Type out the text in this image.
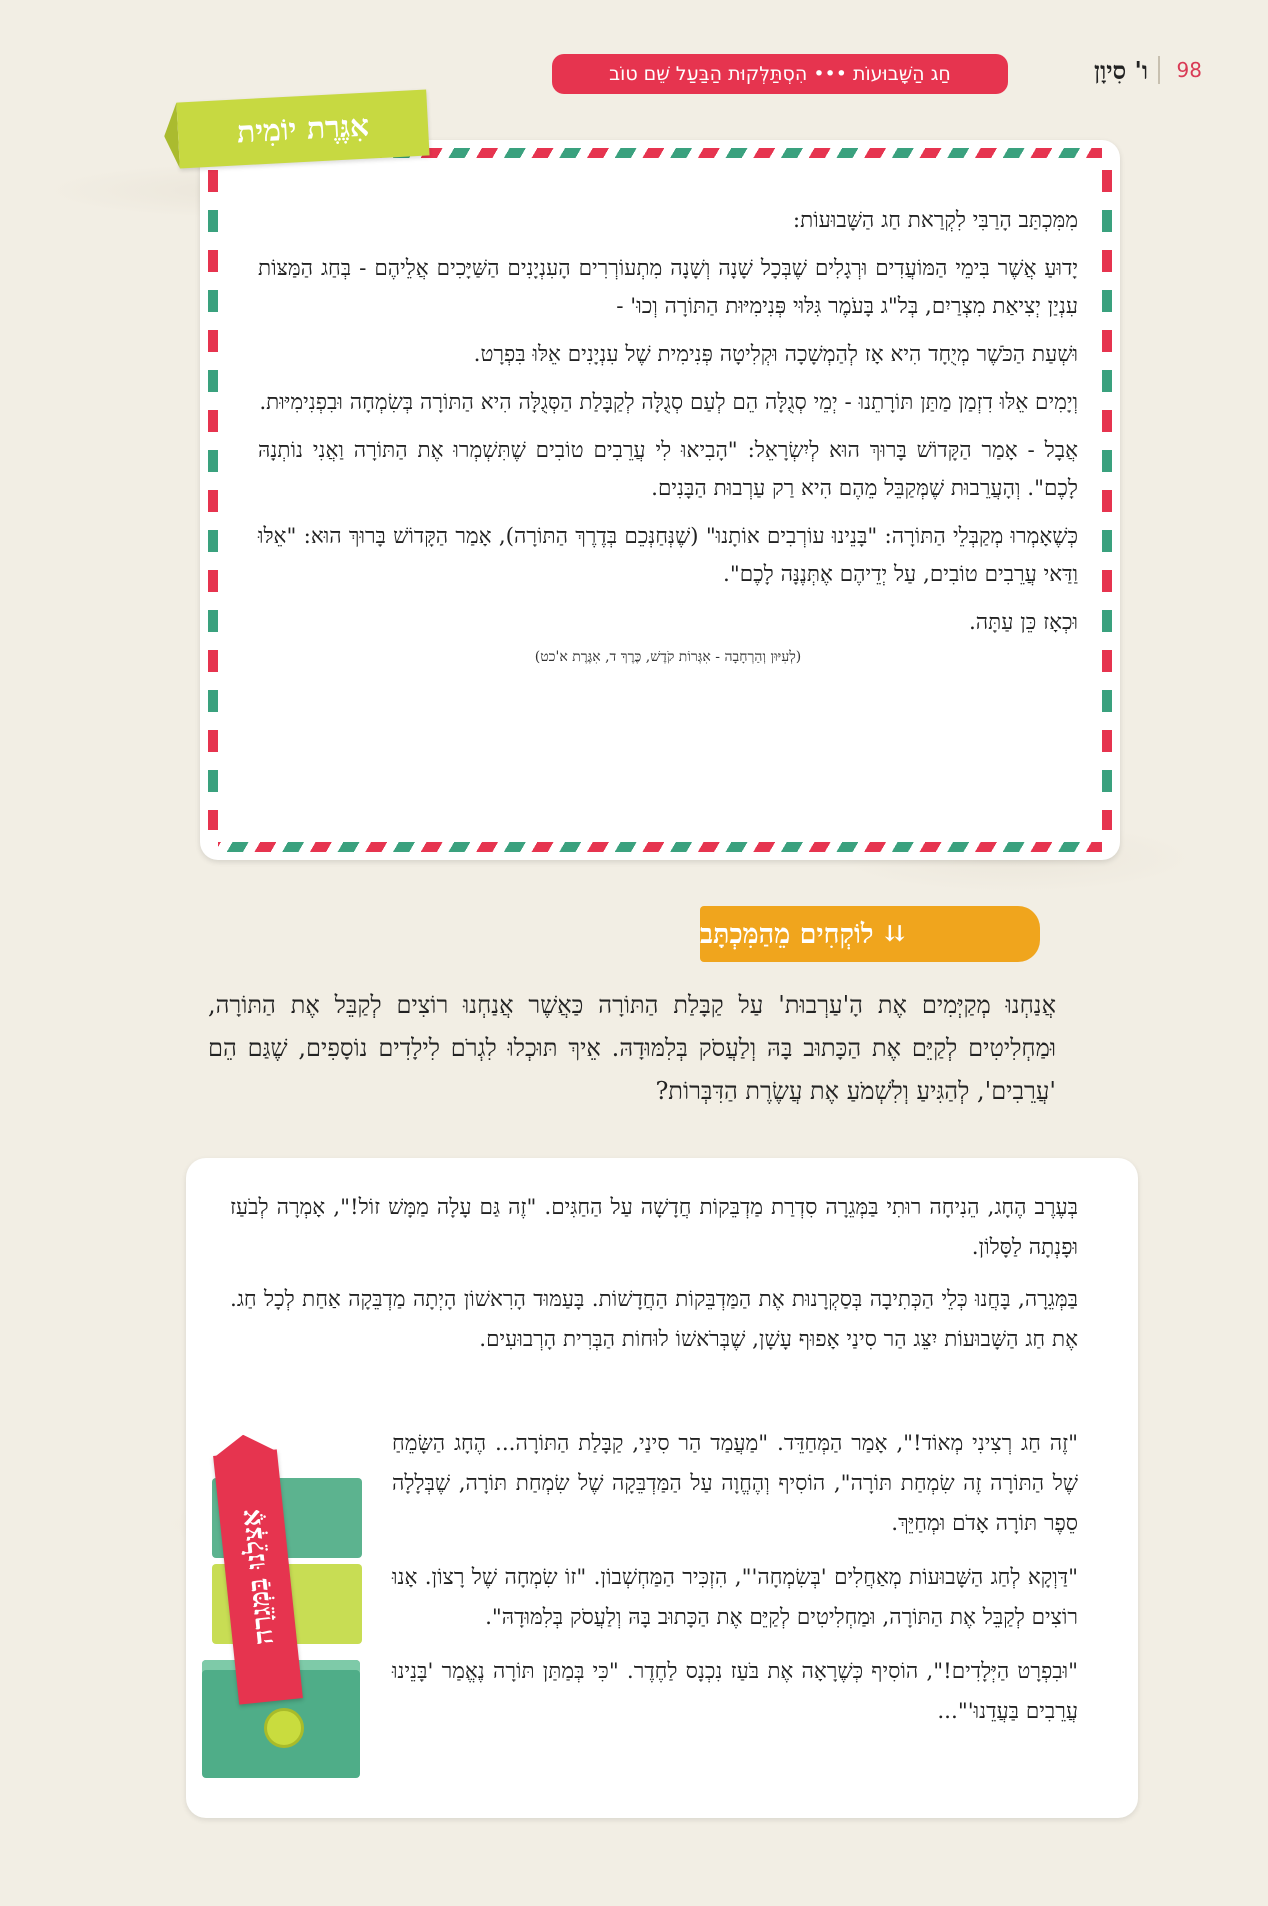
98
ו' סִיוָן
חַג הַשָּׁבוּעוֹת ••• הִסְתַּלְּקוּת הַבַּעַל שֵׁם טוֹב
אִגֶּרֶת יוֹמִית

מִמִּכְתַּב הָרַבִּי לִקְרַאת חַג הַשָּׁבוּעוֹת:

יָדוּעַ אֲשֶׁר בִּימֵי הַמּוֹעֲדִים וּרְגָלִים שֶׁבְּכָל שָׁנָה וְשָׁנָה מִתְעוֹרְרִים הָעִנְיָנִים הַשַּׁיָּכִים אֲלֵיהֶם - בְּחַג הַמַּצּוֹת עִנְיַן יְצִיאַת מִצְרַיִם, בְּל"ג בָּעֹמֶר גִּלּוּי פְּנִימִיּוּת הַתּוֹרָה וְכוּ' -

וּשְׁעַת הַכֹּשֶׁר מְיֻחָד הִיא אָז לְהַמְשָׁכָה וּקְלִיטָה פְּנִימִית שֶׁל עִנְיָנִים אֵלּוּ בִּפְרָט.

וְיָמִים אֵלּוּ דִזְמַן מַתַּן תּוֹרָתֵנוּ - יְמֵי סְגֻלָּה הֵם לְעַם סְגֻלָּה לְקַבָּלַת הַסְּגֻלָּה הִיא הַתּוֹרָה בְּשִׂמְחָה וּבִפְנִימִיּוּת.

אֲבָל - אָמַר הַקָּדוֹשׁ בָּרוּךְ הוּא לְיִשְׂרָאֵל: "הָבִיאוּ לִי עֲרֵבִים טוֹבִים שֶׁתִּשְׁמְרוּ אֶת הַתּוֹרָה וַאֲנִי נוֹתְנָהּ לָכֶם". וְהָעֲרֵבוּת שֶׁמְּקַבֵּל מֵהֶם הִיא רַק עַרְבוּת הַבָּנִים.

כְּשֶׁאָמְרוּ מְקַבְּלֵי הַתּוֹרָה: "בָּנֵינוּ עוֹרְבִים אוֹתָנוּ" (שֶׁנְּחַנְּכֵם בְּדֶרֶךְ הַתּוֹרָה), אָמַר הַקָּדוֹשׁ בָּרוּךְ הוּא: "אֵלּוּ וַדַּאי עֲרֵבִים טוֹבִים, עַל יְדֵיהֶם אֶתְּנֶנָּה לָכֶם".

וּכְאָז כֵּן עַתָּה.

(לְעִיּוּן וְהַרְחָבָה - אִגְּרוֹת קֹדֶשׁ, כֶּרֶךְ ד, אִגֶּרֶת א'כט)
⇊
לוֹקְחִים מֵהַמִּכְתָּב
אֲנַחְנוּ מְקַיְּמִים אֶת הָ'עַרְבוּת' עַל קַבָּלַת הַתּוֹרָה כַּאֲשֶׁר אֲנַחְנוּ רוֹצִים לְקַבֵּל אֶת הַתּוֹרָה, וּמַחְלִיטִים לְקַיֵּם אֶת הַכָּתוּב בָּהּ וְלַעֲסֹק בְּלִמּוּדָהּ. אֵיךְ תּוּכְלוּ לִגְרֹם לִילָדִים נוֹסָפִים, שֶׁגַּם הֵם 'עֲרֵבִים', לְהַגִּיעַ וְלִשְׁמֹעַ אֶת עֲשֶׂרֶת הַדִּבְּרוֹת?

בְּעֶרֶב הֶחָג, הֵנִיחָה רוּתִי בַּמְּגֵרָה סִדְרַת מַדְבֵּקוֹת חֲדָשָׁה עַל הַחַגִּים. "זֶה גַּם עָלָה מַמָּשׁ זוֹל!", אָמְרָה לְבֹעַז וּפָנְתָה לַסָּלוֹן.

בַּמְּגֵרָה, בָּחֲנוּ כְּלֵי הַכְּתִיבָה בְּסַקְרָנוּת אֶת הַמַּדְבֵּקוֹת הַחֲדָשׁוֹת. בָּעַמּוּד הָרִאשׁוֹן הָיְתָה מַדְבֵּקָה אַחַת לְכָל חַג. אֶת חַג הַשָּׁבוּעוֹת יִצֵּג הַר סִינַי אָפוּף עָשָׁן, שֶׁבְּרֹאשׁוֹ לוּחוֹת הַבְּרִית הָרְבוּעִים.

"זֶה חַג רְצִינִי מְאוֹד!", אָמַר הַמְּחַדֵּד. "מַעֲמַד הַר סִינַי, קַבָּלַת הַתּוֹרָה... הֶחָג הַשָּׂמֵחַ שֶׁל הַתּוֹרָה זֶה שִׂמְחַת תּוֹרָה", הוֹסִיף וְהֶחֱוָה עַל הַמַּדְבֵּקָה שֶׁל שִׂמְחַת תּוֹרָה, שֶׁבְּלָלָה סֵפֶר תּוֹרָה אָדֹם וּמְחַיֵּךְ.

"דַּוְקָא לְחַג הַשָּׁבוּעוֹת מְאַחֲלִים 'בְּשִׂמְחָה'", הִזְכִּיר הַמַּחְשְׁבוֹן. "זוֹ שִׂמְחָה שֶׁל רָצוֹן. אָנוּ רוֹצִים לְקַבֵּל אֶת הַתּוֹרָה, וּמַחְלִיטִים לְקַיֵּם אֶת הַכָּתוּב בָּהּ וְלַעֲסֹק בְּלִמּוּדָהּ".

"וּבִפְרָט הַיְּלָדִים!", הוֹסִיף כְּשֶׁרָאָה אֶת בֹּעַז נִכְנָס לַחֶדֶר. "כִּי בְּמַתַּן תּוֹרָה נֶאֱמַר 'בָּנֵינוּ עֲרֵבִים בַּעֲדֵנוּ'"...

אֶצְלֵנוּ בַּמְּגֵרָה
